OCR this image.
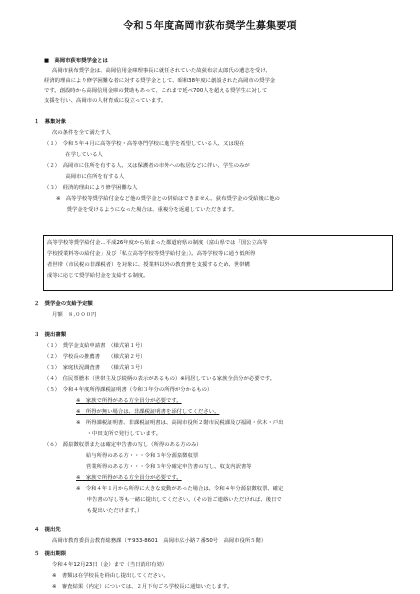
令和５年度高岡市荻布奨学生募集要項
■　高岡市荻布奨学金とは
高岡市荻布奨学金は、高岡信用金庫理事長に就任されていた故荻布宗太郎氏の遺志を受け、
経済的理由により修学困難な者に対する奨学金として、昭和38年度に創設された高岡市の奨学金
です。創設時から高岡信用金庫の賛助もあって、これまで延べ700人を超える奨学生に対して
支援を行い、高岡市の人材育成に役立っています。
１　募集対象
次の条件を全て満たす人
（１）　令和５年４月に高等学校・高等専門学校に進学を希望している人、又は現在
　　　　在学している人
（２）　高岡市に住所を有する人、又は保護者の市外への転居などに伴い、学生のみが
　　　　高岡市に住所を有する人
（３）　経済的理由により修学困難な人
※　高等学校等奨学給付金など他の奨学金との併給はできません。荻布奨学金の受給後に他の
　　奨学金を受けるようになった場合は、重複分を返還していただきます。
高等学校等奨学給付金…平成26年度から始まった都道府県の制度（富山県では「国公立高等
学校授業料等の給付金」及び「私立高等学校等奨学給付金」）。高等学校等に通う低所得
者世帯（市民税の非課税者）を対象に、授業料以外の教育費を支援するため、世帯構
成等に応じて奨学給付金を支給する制度。
２　奨学金の支給予定額
月額　８,０００円
３　提出書類
（１）　奨学金支給申請書　（様式第１号）
（２）　学校長の推薦書　　（様式第２号）
（３）　家庭状況調査書　　（様式第３号）
（４）　住民票謄本（世帯主及び続柄の表示があるもの）※同居している家族全員分が必要です。
（５）　令和４年度所得課税証明書（令和３年分の所得が分かるもの）
※　家族で所得がある方全員分が必要です。
※　所得が無い場合は、非課税証明書を添付してください。
※　所得課税証明書、非課税証明書は、高岡市役所２階市民税課及び福岡・伏木・戸出
　　・中田支所で発行しています。
（６）　源泉徴収票または確定申告書の写し（所得のある方のみ）
給与所得のある方・・・令和３年分源泉徴収票
営業所得のある方・・・令和３年分確定申告書の写し、収支内訳書等
※　家族で所得がある方全員分が必要です。
※　令和４年１月から所得に大きな変動があった場合は、令和４年分源泉徴収票、確定
　　申告書の写し等も一緒に提出してください。（その旨ご連絡いただければ、後日で
　　も提出いただけます。）
４　提出先
高岡市教育委員会教育総務課（〒933-8601　高岡市広小路７番50号　高岡市役所５階）
５　提出期限
令和４年12月23日（金）まで（当日消印有効）
※　書類は在学校長を経由し提出してください。
※　審査結果（内定）については、２月下旬ごろ学校長に通知いたします。
